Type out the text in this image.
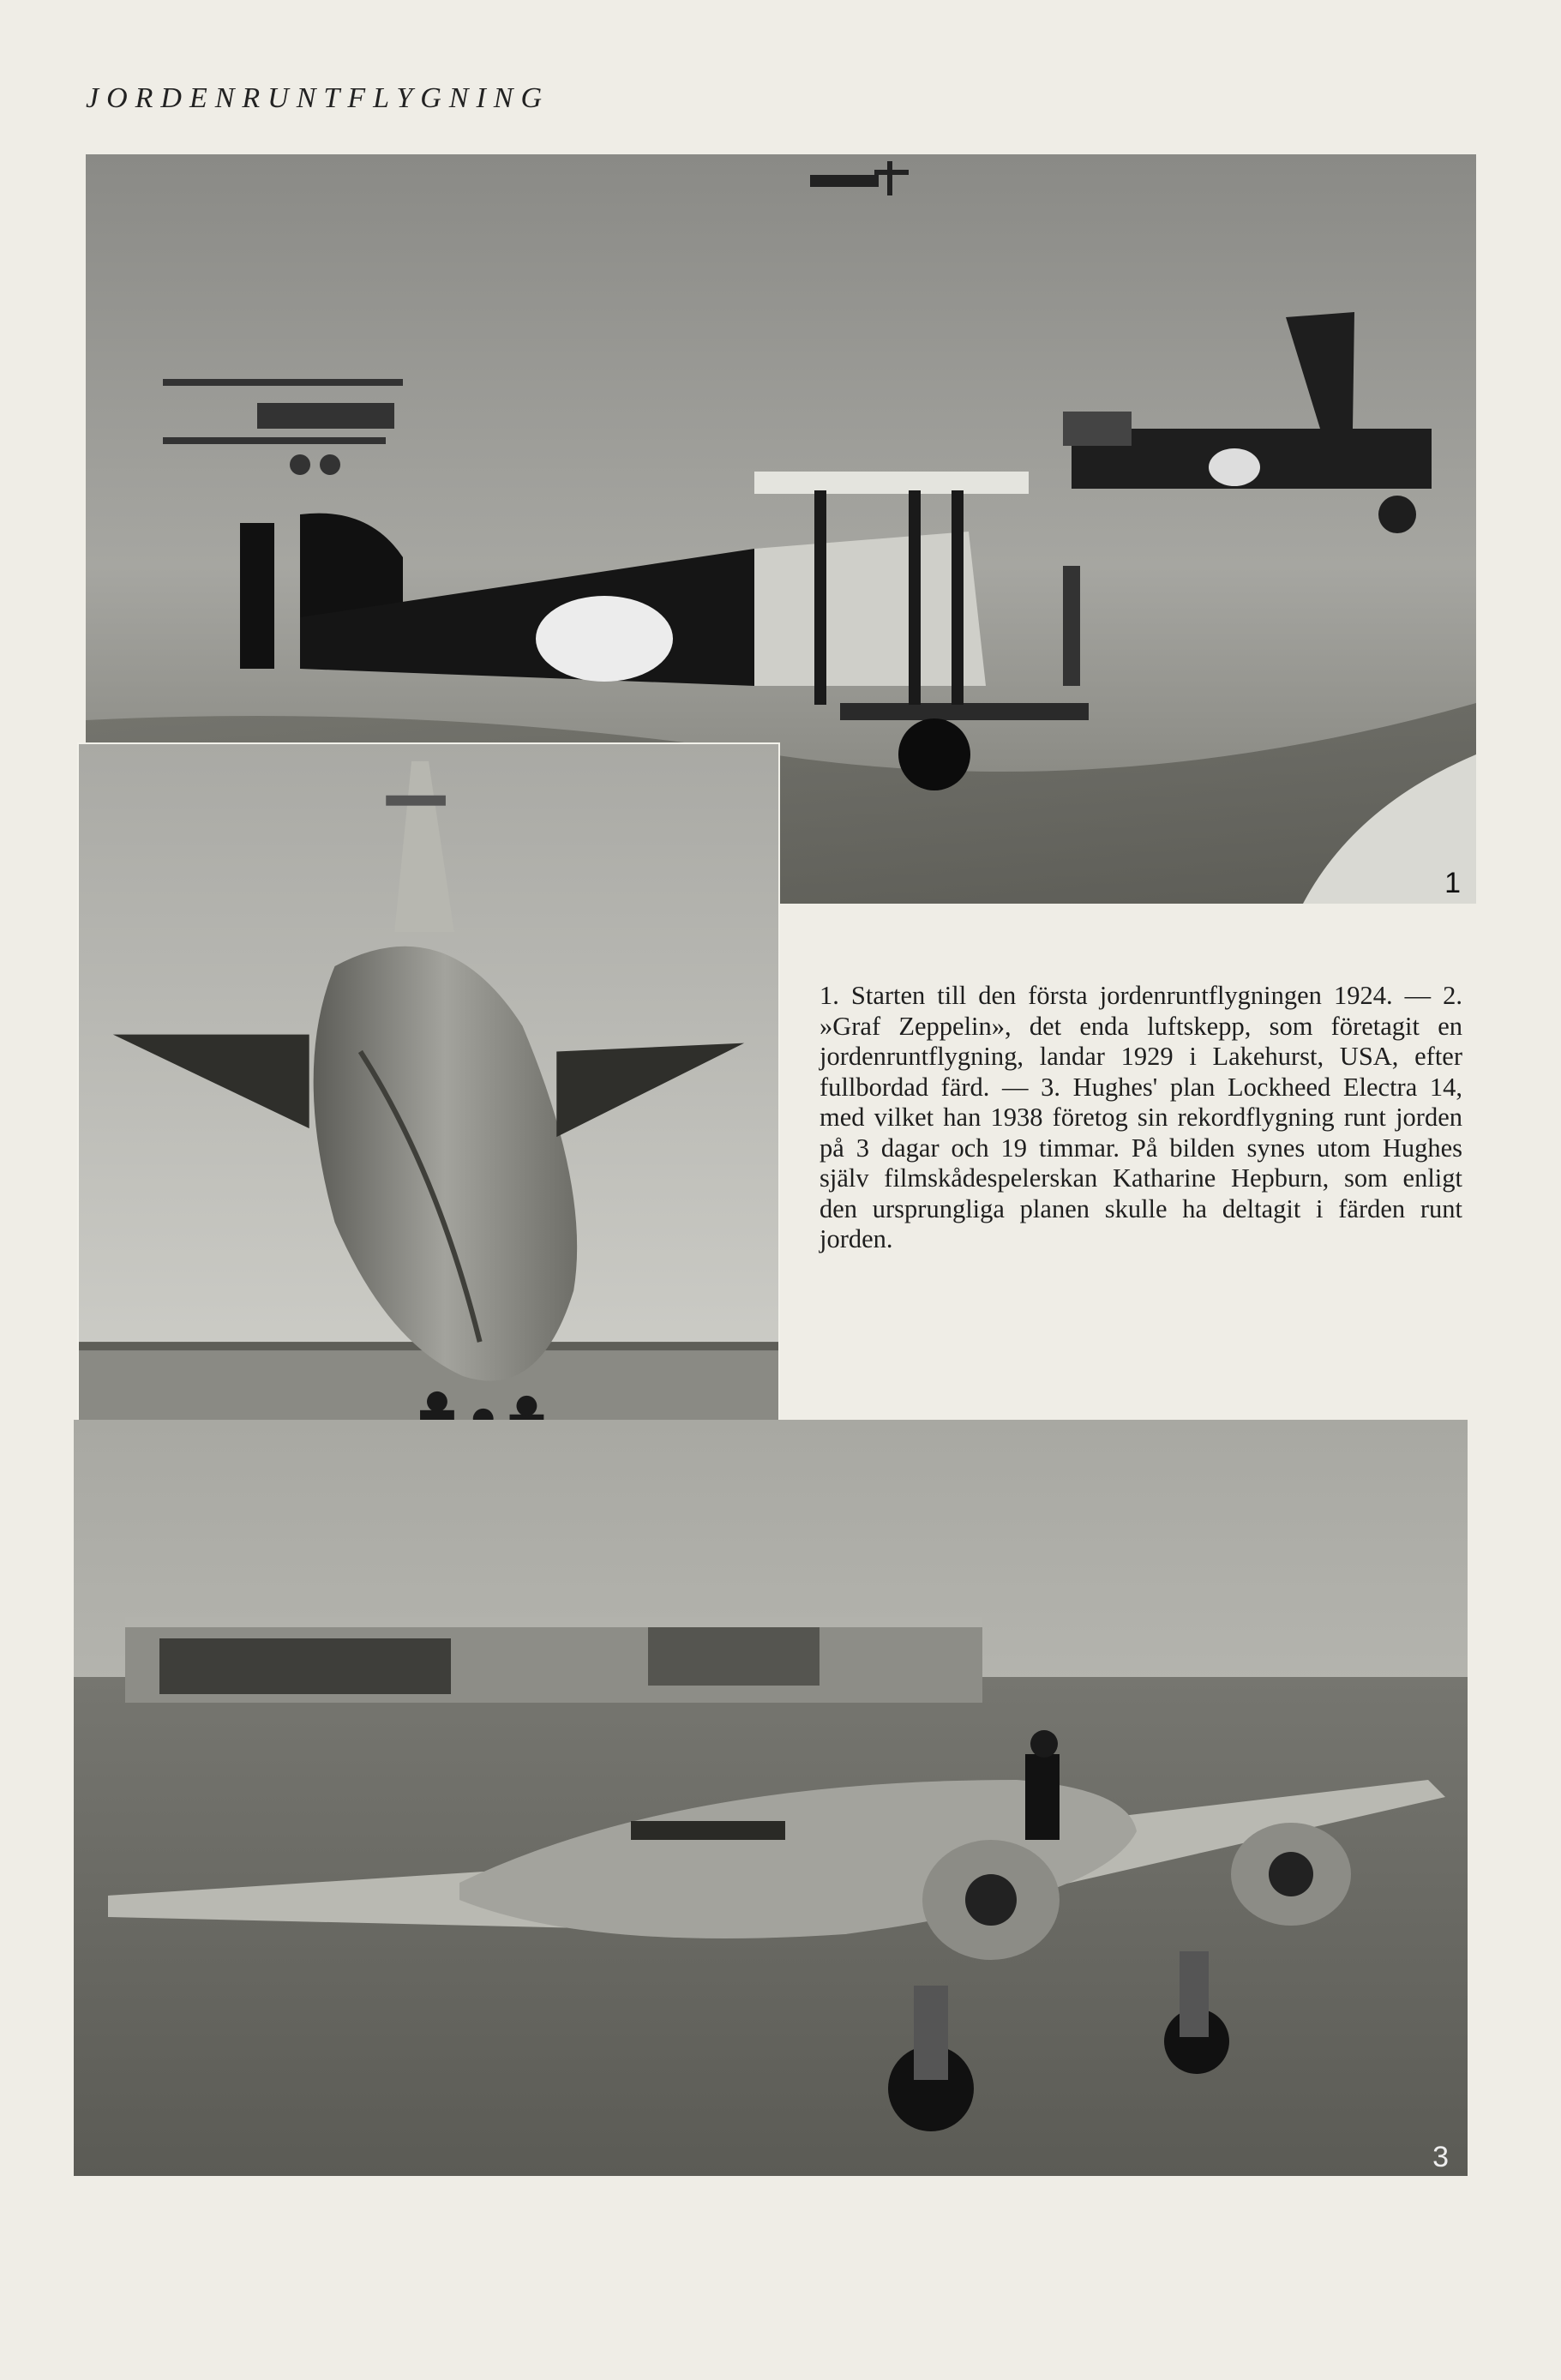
JORDENRUNTFLYGNING
1
3
1. Starten till den första jordenruntflygningen 1924. — 2. »Graf Zeppelin», det enda luftskepp, som företagit en jordenruntflygning, landar 1929 i Lakehurst, USA, efter fullbordad färd. — 3. Hughes' plan Lockheed Electra 14, med vilket han 1938 företog sin rekordflygning runt jorden på 3 dagar och 19 timmar. På bilden synes utom Hughes själv filmskådespelerskan Katharine Hepburn, som enligt den ursprungliga planen skulle ha deltagit i färden runt jorden.
